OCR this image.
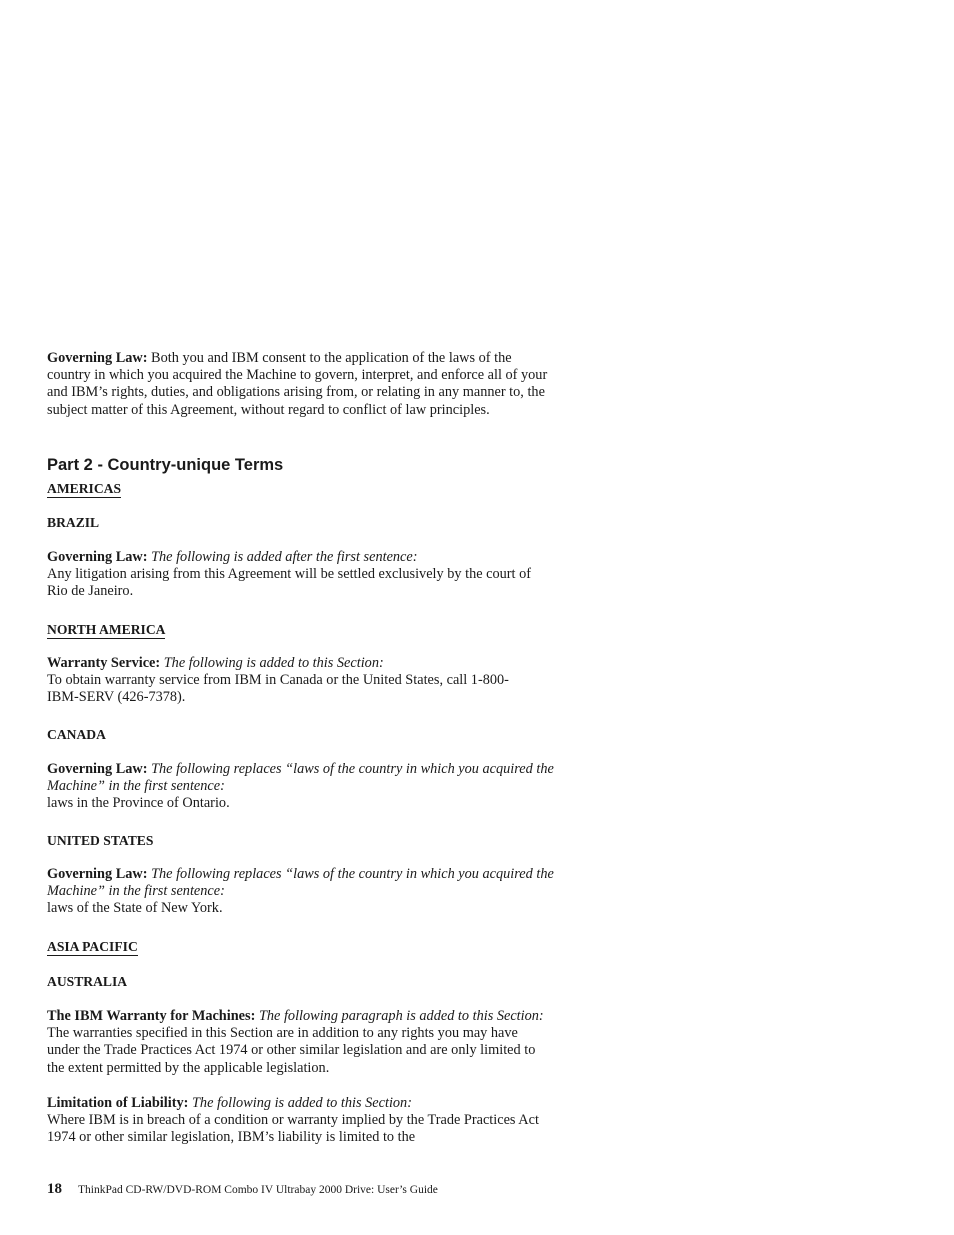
Governing Law: Both you and IBM consent to the application of the laws of the country in which you acquired the Machine to govern, interpret, and enforce all of your and IBM’s rights, duties, and obligations arising from, or relating in any manner to, the subject matter of this Agreement, without regard to conflict of law principles.

Part 2 - Country-unique Terms
AMERICAS
BRAZIL

Governing Law: The following is added after the first sentence:

Any litigation arising from this Agreement will be settled exclusively by the court of Rio de Janeiro.

NORTH AMERICA

Warranty Service: The following is added to this Section:

To obtain warranty service from IBM in Canada or the United States, call 1-800-IBM-SERV (426-7378).

CANADA

Governing Law: The following replaces “laws of the country in which you acquired the Machine” in the first sentence:

laws in the Province of Ontario.

UNITED STATES

Governing Law: The following replaces “laws of the country in which you acquired the Machine” in the first sentence:

laws of the State of New York.

ASIA PACIFIC
AUSTRALIA

The IBM Warranty for Machines: The following paragraph is added to this Section:

The warranties specified in this Section are in addition to any rights you may have under the Trade Practices Act 1974 or other similar legislation and are only limited to the extent permitted by the applicable legislation.

Limitation of Liability: The following is added to this Section:

Where IBM is in breach of a condition or warranty implied by the Trade Practices Act 1974 or other similar legislation, IBM’s liability is limited to the

18 ThinkPad CD-RW/DVD-ROM Combo IV Ultrabay 2000 Drive: User’s Guide
